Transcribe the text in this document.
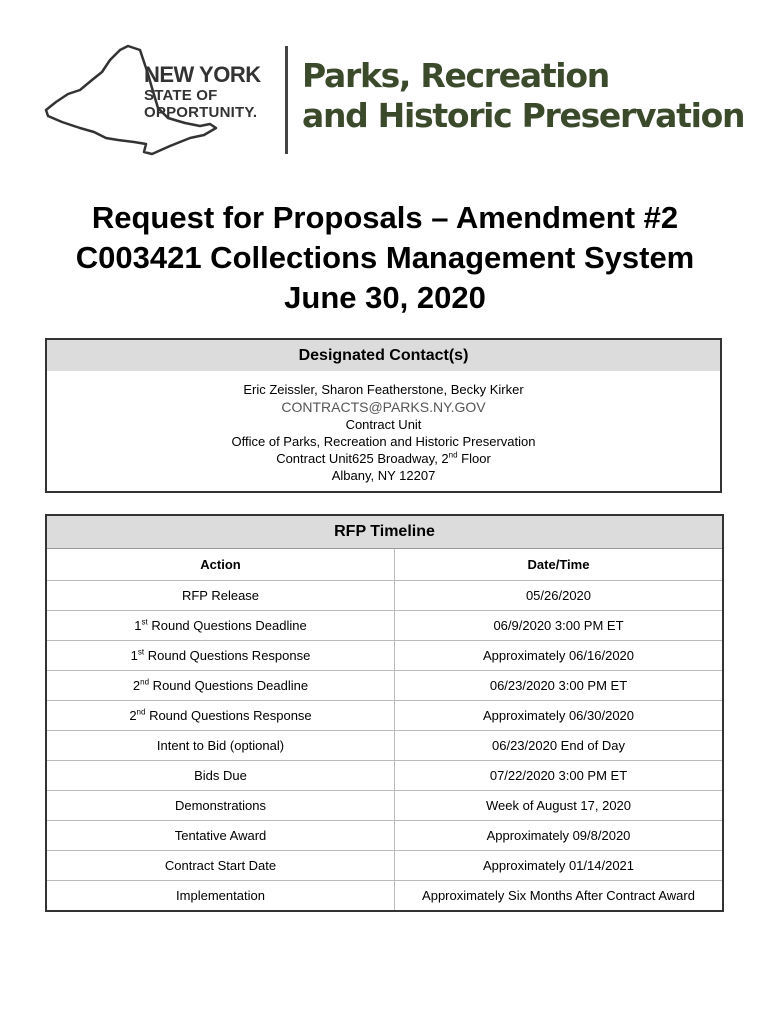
NEW YORK
STATE OF
OPPORTUNITY.
Parks, Recreation
and Historic Preservation
Request for Proposals – Amendment #2
C003421 Collections Management System
June 30, 2020
Designated Contact(s)
Eric Zeissler, Sharon Featherstone, Becky Kirker
CONTRACTS@PARKS.NY.GOV
Contract Unit
Office of Parks, Recreation and Historic Preservation
Contract Unit625 Broadway, 2nd Floor
Albany, NY 12207
RFP Timeline	
Action	Date/Time
RFP Release	05/26/2020
1st Round Questions Deadline	06/9/2020 3:00 PM ET
1st Round Questions Response	Approximately 06/16/2020
2nd Round Questions Deadline	06/23/2020 3:00 PM ET
2nd Round Questions Response	Approximately 06/30/2020
Intent to Bid (optional)	06/23/2020 End of Day
Bids Due	07/22/2020 3:00 PM ET
Demonstrations	Week of August 17, 2020
Tentative Award	Approximately 09/8/2020
Contract Start Date	Approximately 01/14/2021
Implementation	Approximately Six Months After Contract Award
